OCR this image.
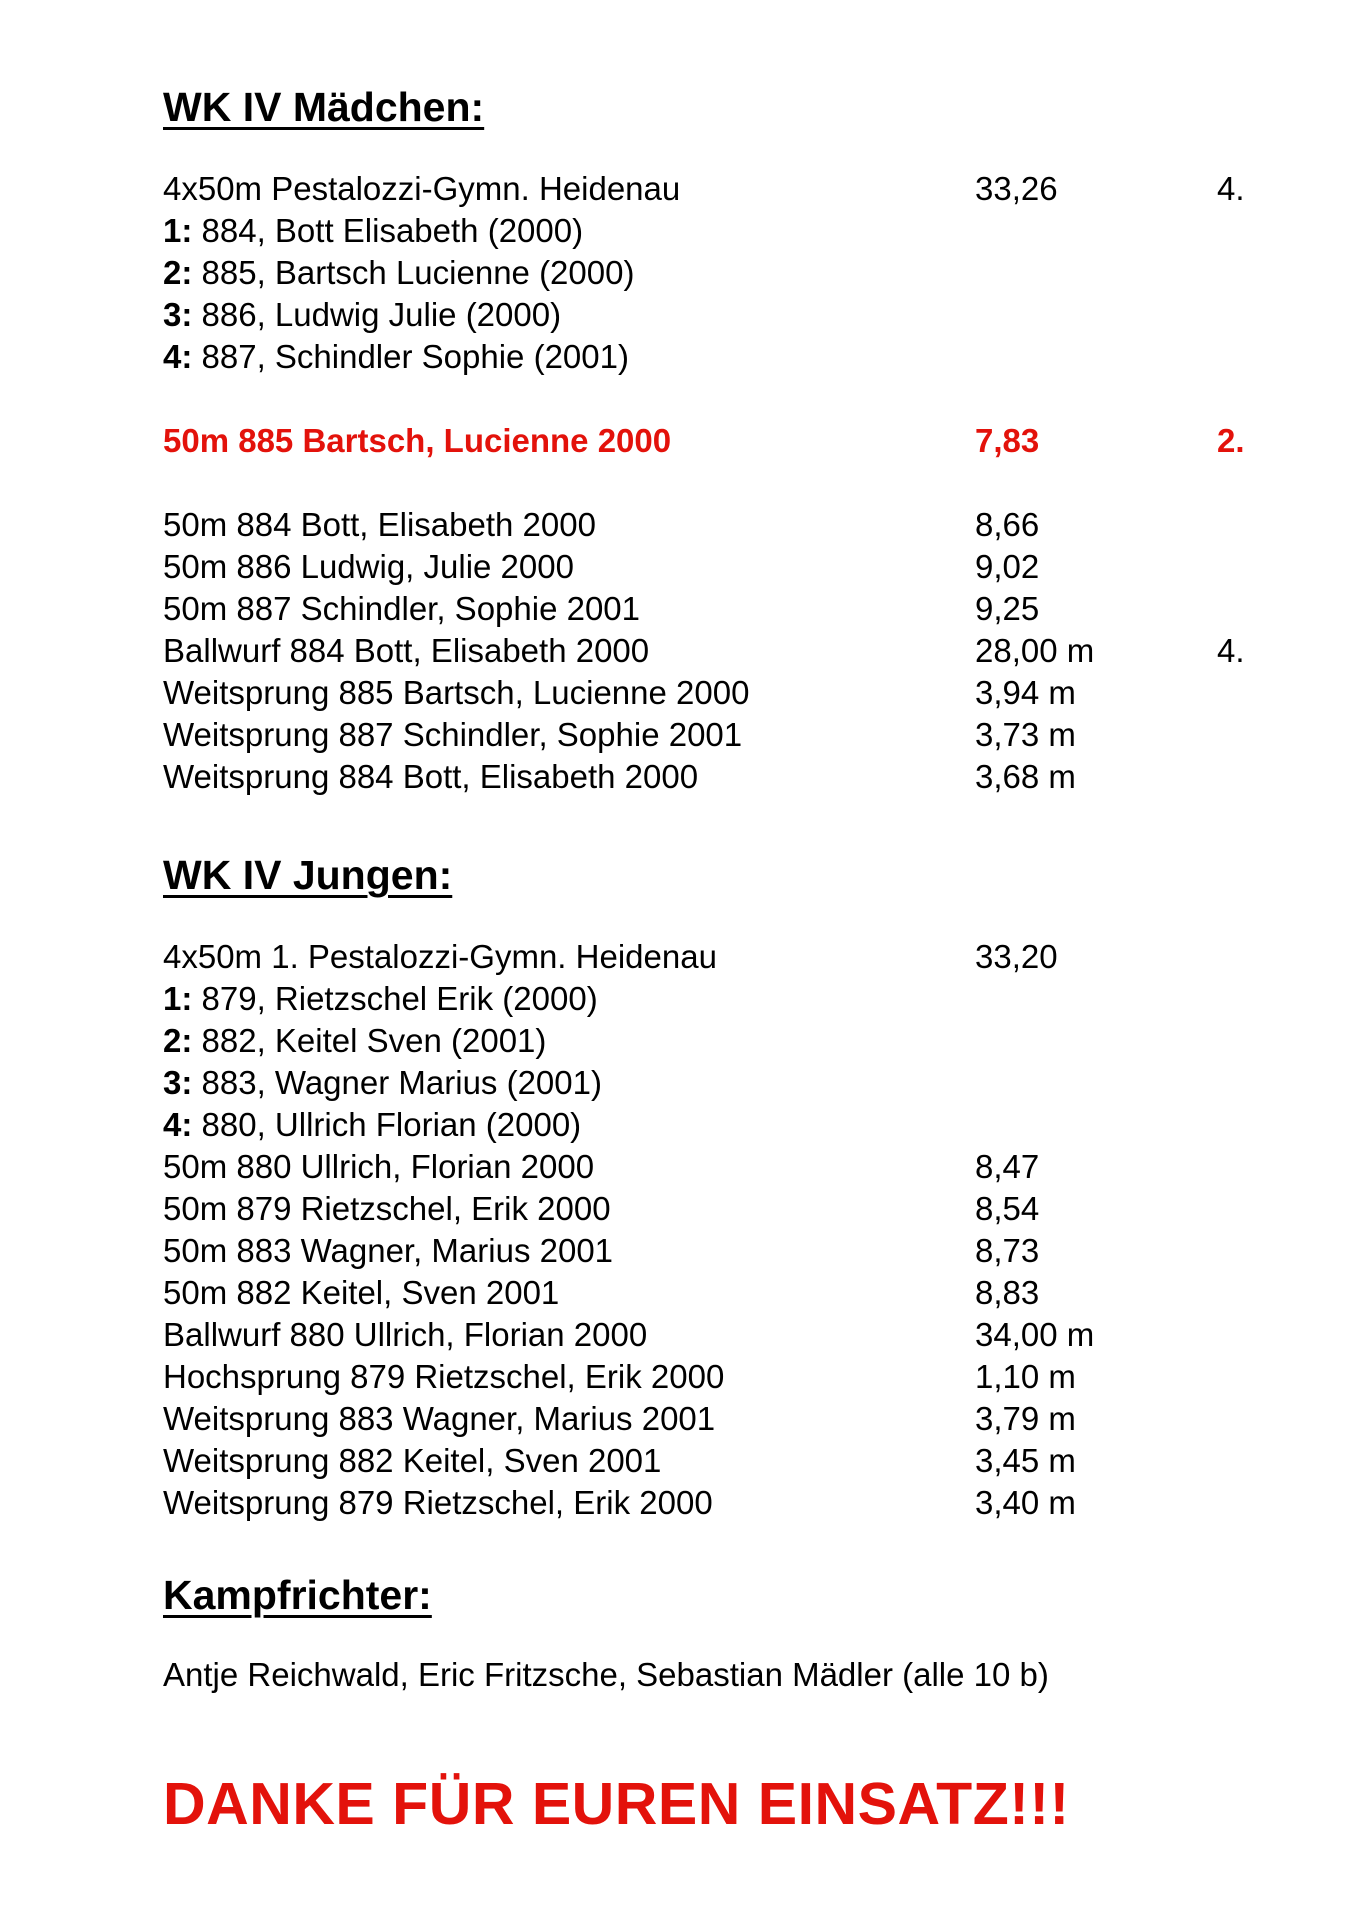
WK IV Mädchen:
4x50m Pestalozzi-Gymn. Heidenau	33,26	4.
1: 884, Bott Elisabeth (2000)
2: 885, Bartsch Lucienne (2000)
3: 886, Ludwig Julie (2000)
4: 887, Schindler Sophie (2001)
50m 885 Bartsch, Lucienne 2000	7,83	2.
50m 884 Bott, Elisabeth 2000	8,66
50m 886 Ludwig, Julie 2000	9,02
50m 887 Schindler, Sophie 2001	9,25
Ballwurf 884 Bott, Elisabeth 2000	28,00 m	4.
Weitsprung 885 Bartsch, Lucienne 2000	3,94 m
Weitsprung 887 Schindler, Sophie 2001	3,73 m
Weitsprung 884 Bott, Elisabeth 2000	3,68 m
WK IV Jungen:
4x50m 1. Pestalozzi-Gymn. Heidenau	33,20
1: 879, Rietzschel Erik (2000)
2: 882, Keitel Sven (2001)
3: 883, Wagner Marius (2001)
4: 880, Ullrich Florian (2000)
50m 880 Ullrich, Florian 2000	8,47
50m 879 Rietzschel, Erik 2000	8,54
50m 883 Wagner, Marius 2001	8,73
50m 882 Keitel, Sven 2001	8,83
Ballwurf 880 Ullrich, Florian 2000	34,00 m
Hochsprung 879 Rietzschel, Erik 2000	1,10 m
Weitsprung 883 Wagner, Marius 2001	3,79 m
Weitsprung 882 Keitel, Sven 2001	3,45 m
Weitsprung 879 Rietzschel, Erik 2000	3,40 m
Kampfrichter:
Antje Reichwald, Eric Fritzsche, Sebastian Mädler (alle 10 b)
DANKE FÜR EUREN EINSATZ!!!
